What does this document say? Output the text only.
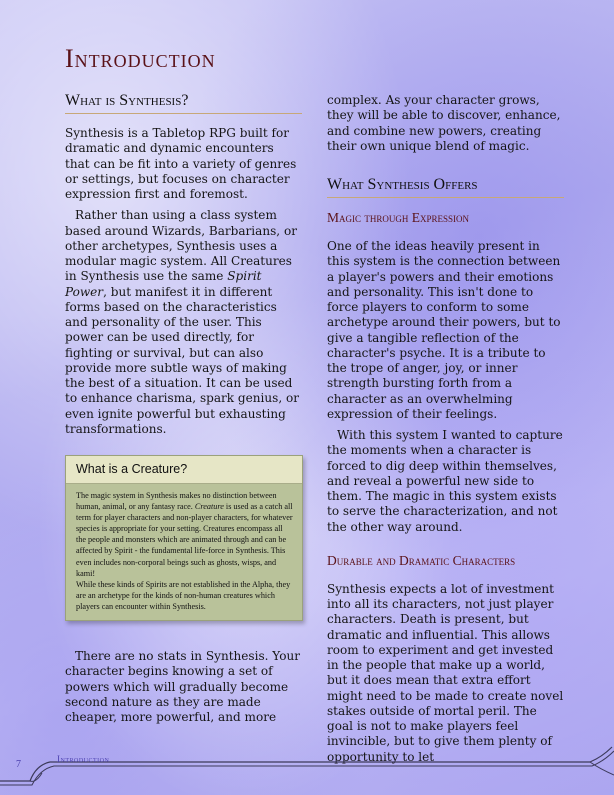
Introduction
What is Synthesis?

Synthesis is a Tabletop RPG built for dramatic and dynamic encounters that can be fit into a variety of genres or settings, but focuses on character expression first and foremost.

Rather than using a class system based around Wizards, Barbarians, or other archetypes, Synthesis uses a modular magic system. All Creatures in Synthesis use the same Spirit Power, but manifest it in different forms based on the characteristics and personality of the user. This power can be used directly, for fighting or survival, but can also provide more subtle ways of making the best of a situation. It can be used to enhance charisma, spark genius, or even ignite powerful but exhausting transformations.

What is a Creature?
The magic system in Synthesis makes no distinction between human, animal, or any fantasy race. Creature is used as a catch all term for player characters and non-player characters, for whatever species is appropriate for your setting. Creatures encompass all the people and monsters which are animated through and can be affected by Spirit - the fundamental life-force in Synthesis. This even includes non-corporal beings such as ghosts, wisps, and kami!
While these kinds of Spirits are not established in the Alpha, they are an archetype for the kinds of non-human creatures which players can encounter within Synthesis.

There are no stats in Synthesis. Your character begins knowing a set of powers which will gradually become second nature as they are made cheaper, more powerful, and more

complex. As your character grows, they will be able to discover, enhance, and combine new powers, creating their own unique blend of magic.

What Synthesis Offers
Magic through Expression

One of the ideas heavily present in this system is the connection between a player's powers and their emotions and personality. This isn't done to force players to conform to some archetype around their powers, but to give a tangible reflection of the character's psyche. It is a tribute to the trope of anger, joy, or inner strength bursting forth from a character as an overwhelming expression of their feelings.

With this system I wanted to capture the moments when a character is forced to dig deep within themselves, and reveal a powerful new side to them. The magic in this system exists to serve the characterization, and not the other way around.

Durable and Dramatic Characters

Synthesis expects a lot of investment into all its characters, not just player characters. Death is present, but dramatic and influential. This allows room to experiment and get invested in the people that make up a world, but it does mean that extra effort might need to be made to create novel stakes outside of mortal peril. The goal is not to make players feel invincible, but to give them plenty of opportunity to let

7	Introduction
